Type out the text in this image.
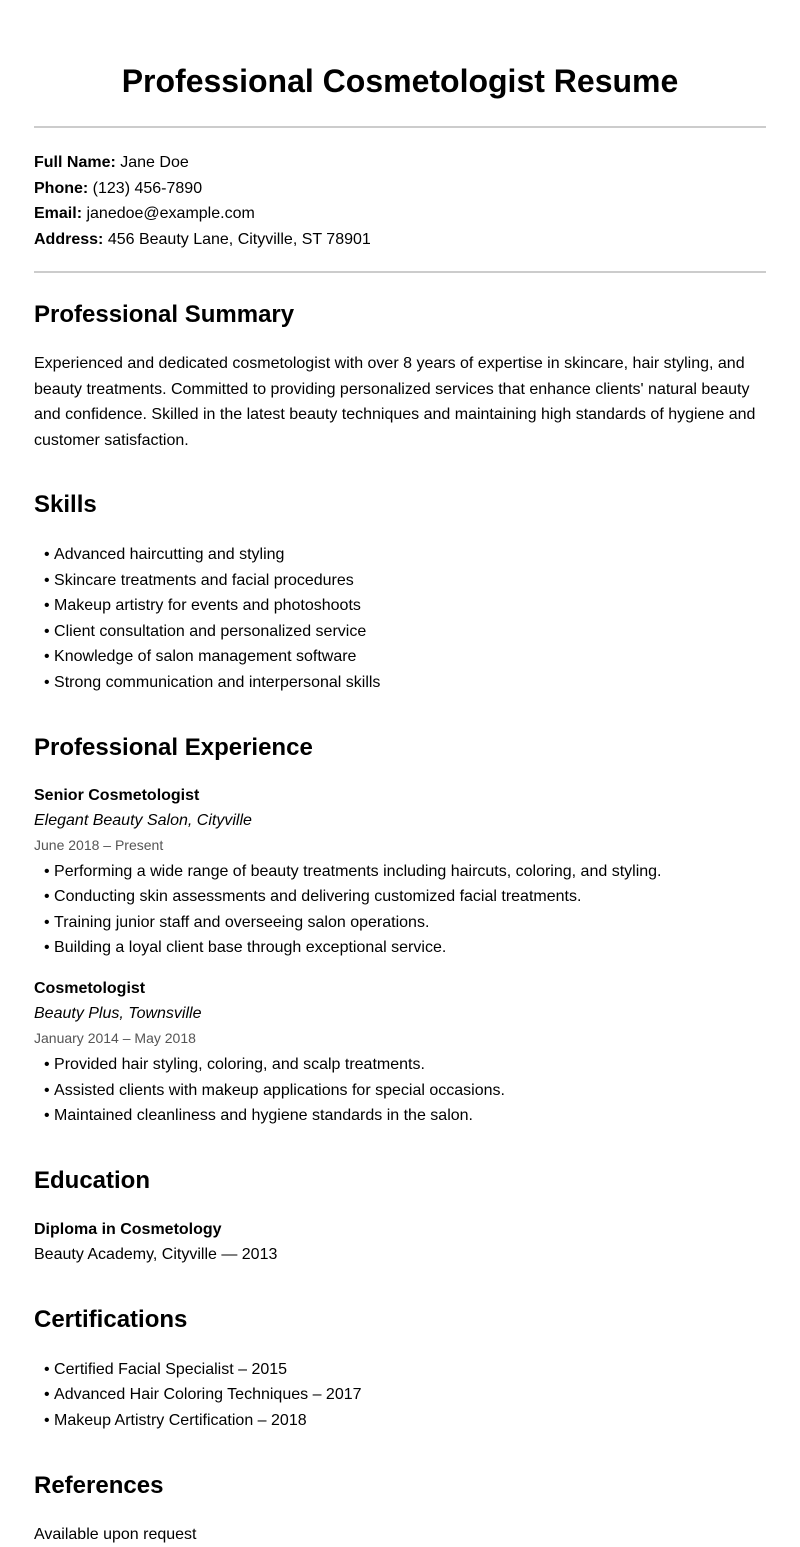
Professional Cosmetologist Resume
Full Name: Jane Doe
Phone: (123) 456-7890
Email: janedoe@example.com
Address: 456 Beauty Lane, Cityville, ST 78901
Professional Summary

Experienced and dedicated cosmetologist with over 8 years of expertise in skincare, hair styling, and beauty treatments. Committed to providing personalized services that enhance clients' natural beauty and confidence. Skilled in the latest beauty techniques and maintaining high standards of hygiene and customer satisfaction.

Skills
• Advanced haircutting and styling
• Skincare treatments and facial procedures
• Makeup artistry for events and photoshoots
• Client consultation and personalized service
• Knowledge of salon management software
• Strong communication and interpersonal skills
Professional Experience
Senior Cosmetologist
Elegant Beauty Salon, Cityville
June 2018 – Present
• Performing a wide range of beauty treatments including haircuts, coloring, and styling.
• Conducting skin assessments and delivering customized facial treatments.
• Training junior staff and overseeing salon operations.
• Building a loyal client base through exceptional service.
Cosmetologist
Beauty Plus, Townsville
January 2014 – May 2018
• Provided hair styling, coloring, and scalp treatments.
• Assisted clients with makeup applications for special occasions.
• Maintained cleanliness and hygiene standards in the salon.
Education
Diploma in Cosmetology
Beauty Academy, Cityville — 2013
Certifications
• Certified Facial Specialist – 2015
• Advanced Hair Coloring Techniques – 2017
• Makeup Artistry Certification – 2018
References

Available upon request
